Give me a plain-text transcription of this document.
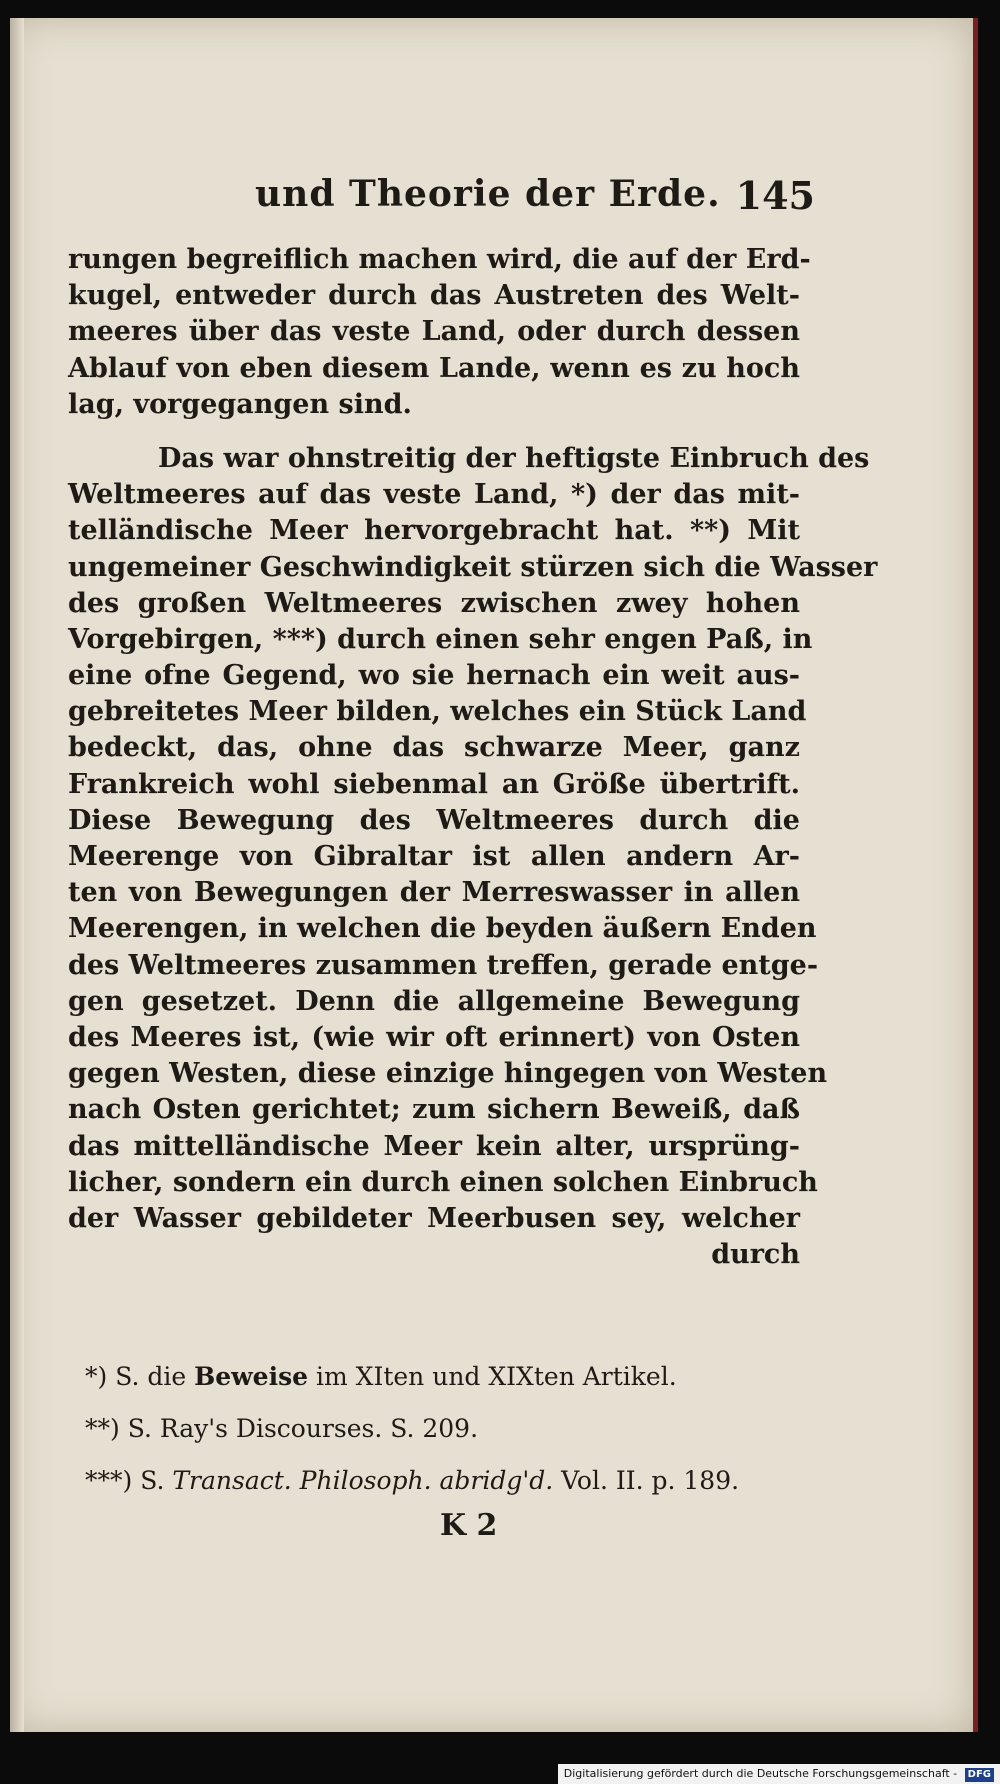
und Theorie der Erde. 145
rungen begreiflich machen wird, die auf der Erd-
kugel, entweder durch das Austreten des Welt-
meeres über das veste Land, oder durch dessen
Ablauf von eben diesem Lande, wenn es zu hoch
lag, vorgegangen sind.
Das war ohnstreitig der heftigste Einbruch des
Weltmeeres auf das veste Land, *) der das mit-
telländische Meer hervorgebracht hat. **) Mit
ungemeiner Geschwindigkeit stürzen sich die Wasser
des großen Weltmeeres zwischen zwey hohen
Vorgebirgen, ***) durch einen sehr engen Paß, in
eine ofne Gegend, wo sie hernach ein weit aus-
gebreitetes Meer bilden, welches ein Stück Land
bedeckt, das, ohne das schwarze Meer, ganz
Frankreich wohl siebenmal an Größe übertrift.
Diese Bewegung des Weltmeeres durch die
Meerenge von Gibraltar ist allen andern Ar-
ten von Bewegungen der Merreswasser in allen
Meerengen, in welchen die beyden äußern Enden
des Weltmeeres zusammen treffen, gerade entge-
gen gesetzet. Denn die allgemeine Bewegung
des Meeres ist, (wie wir oft erinnert) von Osten
gegen Westen, diese einzige hingegen von Westen
nach Osten gerichtet; zum sichern Beweiß, daß
das mittelländische Meer kein alter, ursprüng-
licher, sondern ein durch einen solchen Einbruch
der Wasser gebildeter Meerbusen sey, welcher
durch
*) S. die Beweise im XIten und XIXten Artikel.
**) S. Ray's Discourses. S. 209.
***) S. Transact. Philosoph. abridg'd. Vol. II. p. 189.
K 2
Digitalisierung gefördert durch die Deutsche Forschungsgemeinschaft - DFG
